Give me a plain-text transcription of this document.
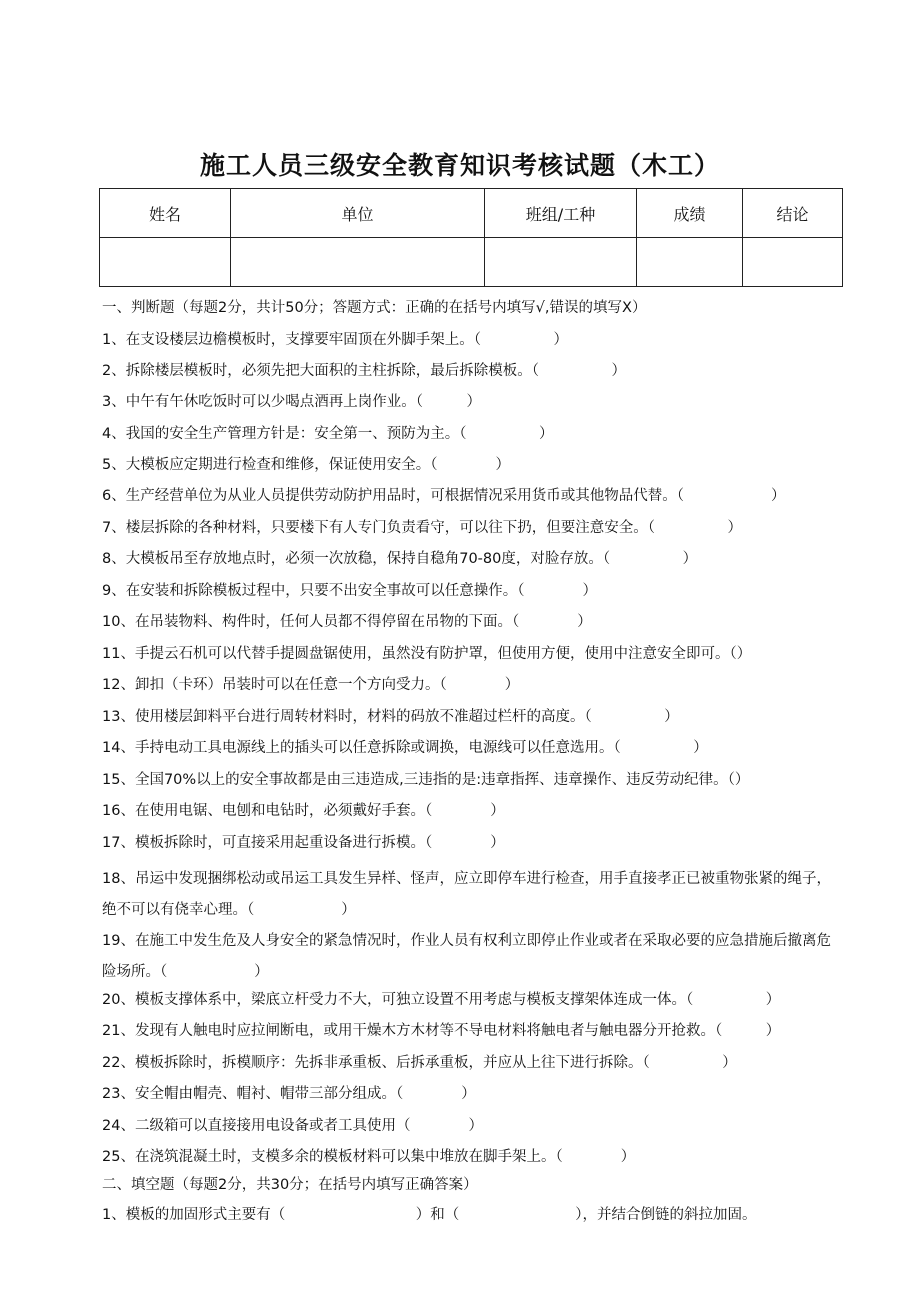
施工人员三级安全教育知识考核试题（木工）
姓名	单位	班组/工种	成绩	结论

一、判断题（每题2分，共计50分；答题方式：正确的在括号内填写√,错误的填写X）
1、在支设楼层边檐模板时，支撑要牢固顶在外脚手架上。（　　　　　）
2、拆除楼层模板时，必须先把大面积的主柱拆除，最后拆除模板。（　　　　　）
3、中午有午休吃饭时可以少喝点酒再上岗作业。（　　　）
4、我国的安全生产管理方针是：安全第一、预防为主。（　　　　　）
5、大模板应定期进行检查和维修，保证使用安全。（　　　　）
6、生产经营单位为从业人员提供劳动防护用品时，可根据情况采用货币或其他物品代替。（　　　　　　）
7、楼层拆除的各种材料，只要楼下有人专门负责看守，可以往下扔，但要注意安全。（　　　　　）
8、大模板吊至存放地点时，必须一次放稳，保持自稳角70-80度，对脸存放。（　　　　　）
9、在安装和拆除模板过程中，只要不出安全事故可以任意操作。（　　　　）
10、在吊装物料、构件时，任何人员都不得停留在吊物的下面。（　　　　）
11、手提云石机可以代替手提圆盘锯使用，虽然没有防护罩，但使用方便，使用中注意安全即可。（）
12、卸扣（卡环）吊装时可以在任意一个方向受力。（　　　　）
13、使用楼层卸料平台进行周转材料时，材料的码放不准超过栏杆的高度。（　　　　　）
14、手持电动工具电源线上的插头可以任意拆除或调换，电源线可以任意选用。（　　　　　）
15、全国70%以上的安全事故都是由三违造成,三违指的是:违章指挥、违章操作、违反劳动纪律。（）
16、在使用电锯、电刨和电钻时，必须戴好手套。（　　　　）
17、模板拆除时，可直接采用起重设备进行拆模。（　　　　）
18、吊运中发现捆绑松动或吊运工具发生异样、怪声，应立即停车进行检查，用手直接孝正已被重物张紧的绳子，绝不可以有侥幸心理。（　　　　　　）
19、在施工中发生危及人身安全的紧急情况时，作业人员有权利立即停止作业或者在采取必要的应急措施后撤离危险场所。（　　　　　　）
20、模板支撑体系中，梁底立杆受力不大，可独立设置不用考虑与模板支撑架体连成一体。（　　　　　）
21、发现有人触电时应拉闸断电，或用干燥木方木材等不导电材料将触电者与触电器分开抢救。（　　　）
22、模板拆除时，拆模顺序：先拆非承重板、后拆承重板，并应从上往下进行拆除。（　　　　　）
23、安全帽由帽壳、帽衬、帽带三部分组成。（　　　　）
24、二级箱可以直接接用电设备或者工具使用（　　　　）
25、在浇筑混凝土时，支模多余的模板材料可以集中堆放在脚手架上。（　　　　）
二、填空题（每题2分，共30分；在括号内填写正确答案）
1、模板的加固形式主要有（　　　　　　　　　）和（　　　　　　　　），并结合倒链的斜拉加固。
